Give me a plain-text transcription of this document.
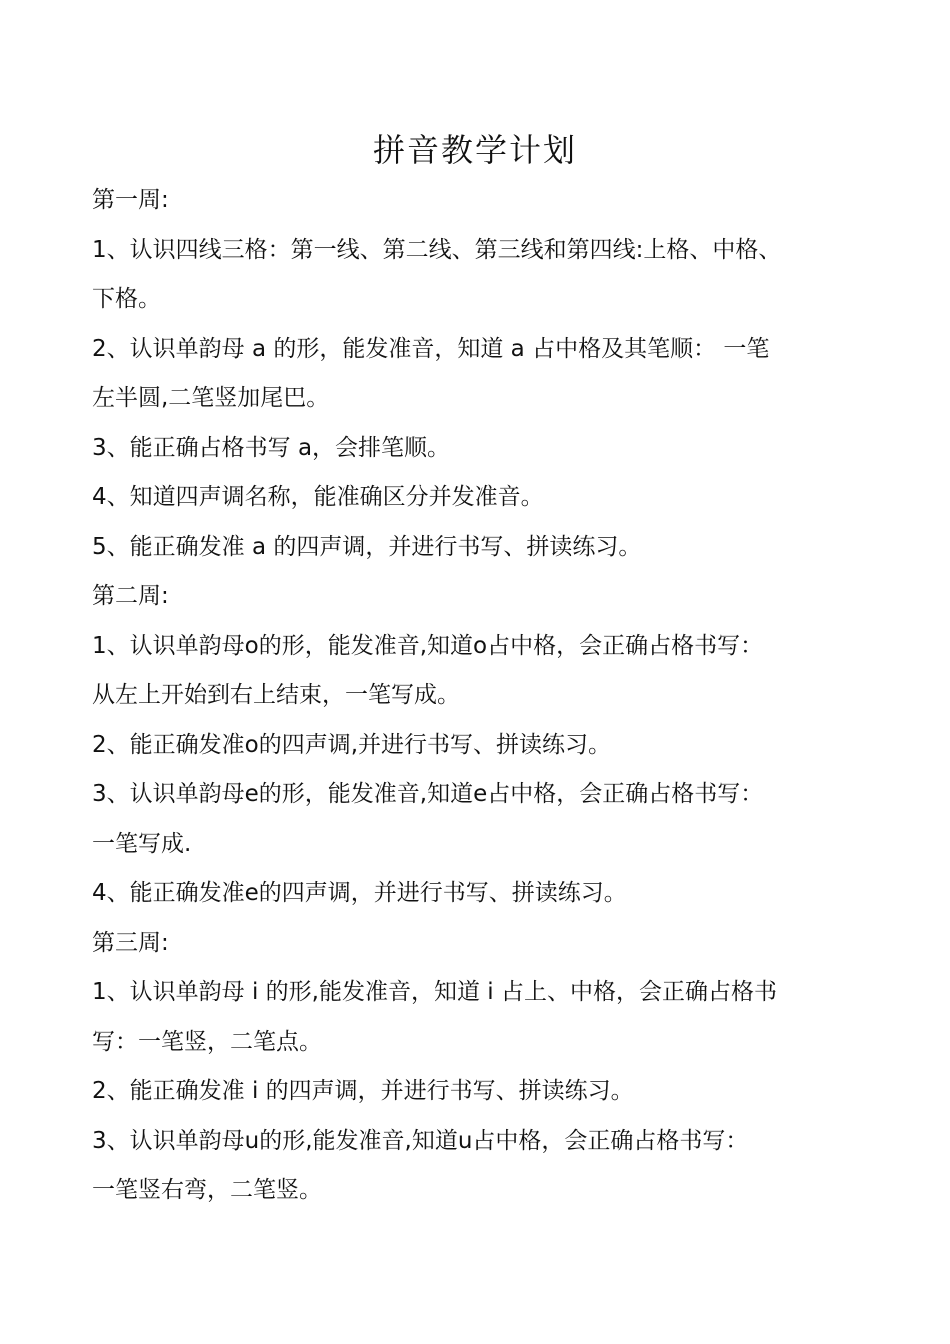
拼音教学计划
第一周:
1、认识四线三格：第一线、第二线、第三线和第四线:上格、中格、
下格。
2、认识单韵母 a 的形，能发准音，知道 a 占中格及其笔顺： 一笔
左半圆,二笔竖加尾巴。
3、能正确占格书写 a，会排笔顺。
4、知道四声调名称，能准确区分并发准音。
5、能正确发准 a 的四声调，并进行书写、拼读练习。
第二周:
1、认识单韵母o的形，能发准音,知道o占中格，会正确占格书写：
从左上开始到右上结束，一笔写成。
2、能正确发准o的四声调,并进行书写、拼读练习。
3、认识单韵母e的形，能发准音,知道e占中格，会正确占格书写：
一笔写成.
4、能正确发准e的四声调，并进行书写、拼读练习。
第三周:
1、认识单韵母 i 的形,能发准音，知道 i 占上、中格，会正确占格书
写：一笔竖，二笔点。
2、能正确发准 i 的四声调，并进行书写、拼读练习。
3、认识单韵母u的形,能发准音,知道u占中格，会正确占格书写：
一笔竖右弯，二笔竖。
